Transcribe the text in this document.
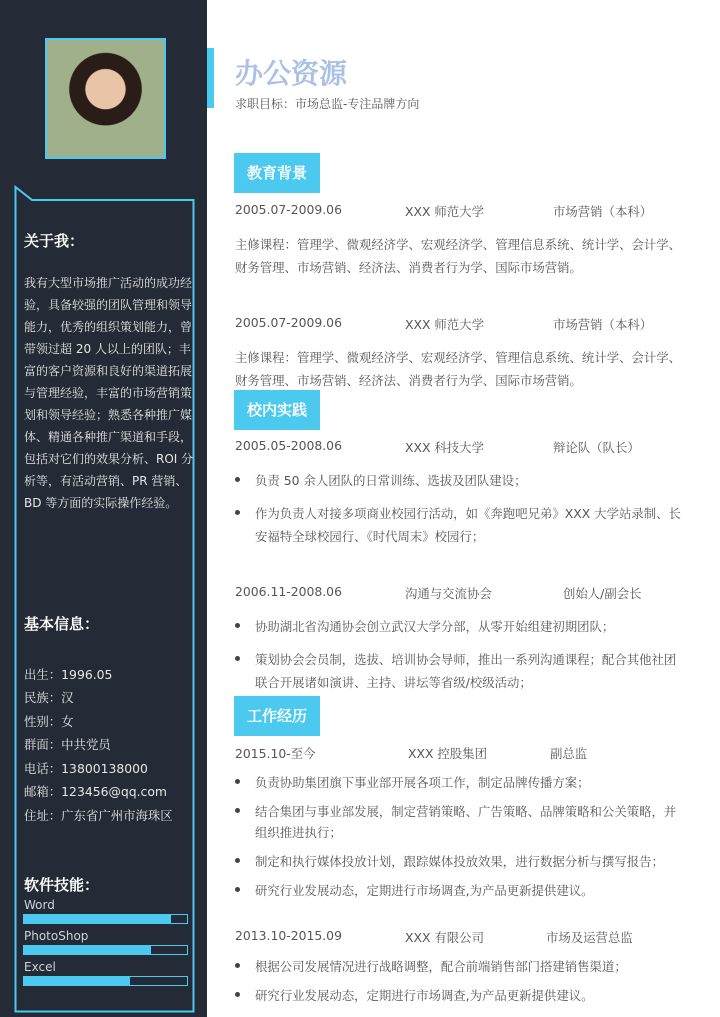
关于我：
我有大型市场推广活动的成功经验，具备较强的团队管理和领导能力，优秀的组织策划能力，曾带领过超 20 人以上的团队；丰富的客户资源和良好的渠道拓展与管理经验，丰富的市场营销策划和领导经验；熟悉各种推广媒体、精通各种推广渠道和手段，包括对它们的效果分析、ROI 分析等，有活动营销、PR 营销、BD 等方面的实际操作经验。
基本信息：
出生：1996.05
民族：汉
性别：女
群面：中共党员
电话：13800138000
邮箱：123456@qq.com
住址：广东省广州市海珠区
软件技能：
Word
PhotoShop
Excel
办公资源
求职目标：市场总监-专注品牌方向
教育背景
2005.07-2009.06	XXX 师范大学	市场营销（本科）
主修课程：管理学、微观经济学、宏观经济学、管理信息系统、统计学、会计学、
财务管理、市场营销、经济法、消费者行为学、国际市场营销。
2005.07-2009.06	XXX 师范大学	市场营销（本科）
主修课程：管理学、微观经济学、宏观经济学、管理信息系统、统计学、会计学、
财务管理、市场营销、经济法、消费者行为学、国际市场营销。
校内实践
2005.05-2008.06	XXX 科技大学	辩论队（队长）
负责 50 余人团队的日常训练、选拔及团队建设；
作为负责人对接多项商业校园行活动，如《奔跑吧兄弟》XXX 大学站录制、长
安福特全球校园行、《时代周末》校园行；
2006.11-2008.06	沟通与交流协会	创始人/副会长
协助湖北省沟通协会创立武汉大学分部，从零开始组建初期团队；
策划协会会员制，选拔、培训协会导师，推出一系列沟通课程；配合其他社团
联合开展诸如演讲、主持、讲坛等省级/校级活动；
工作经历
2015.10-至今	XXX 控股集团	副总监
负责协助集团旗下事业部开展各项工作，制定品牌传播方案；
结合集团与事业部发展，制定营销策略、广告策略、品牌策略和公关策略，并
组织推进执行；
制定和执行媒体投放计划，跟踪媒体投放效果，进行数据分析与撰写报告；
研究行业发展动态，定期进行市场调查,为产品更新提供建议。
2013.10-2015.09	XXX 有限公司	市场及运营总监
根据公司发展情况进行战略调整，配合前端销售部门搭建销售渠道；
研究行业发展动态，定期进行市场调查,为产品更新提供建议。
